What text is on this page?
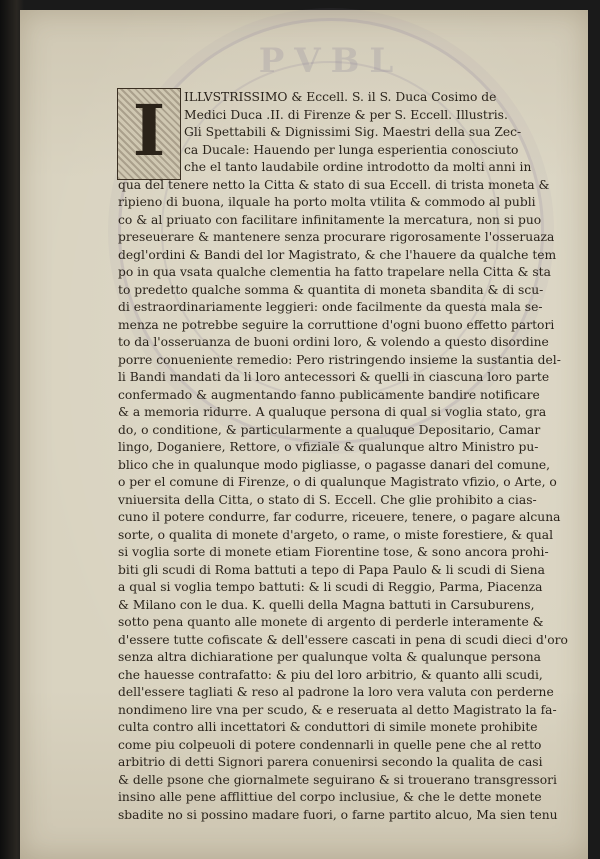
PVBL
I	ILLVSTRISSIMO & Eccell. S. il S. Duca Cosimo de
Medici Duca .II. di Firenze & per S. Eccell. Illustris.
Gli Spettabili & Dignissimi Sig. Maestri della sua Zec-
ca Ducale: Hauendo per lunga esperientia conosciuto
che el tanto laudabile ordine introdotto da molti anni in
qua del tenere netto la Citta & stato di sua Eccell. di trista moneta &
ripieno di buona, ilquale ha porto molta vtilita & commodo al publi
co & al priuato con facilitare infinitamente la mercatura, non si puo
preseuerare & mantenere senza procurare rigorosamente l'osseruaza
degl'ordini & Bandi del lor Magistrato, & che l'hauere da qualche tem
po in qua vsata qualche clementia ha fatto trapelare nella Citta & sta
to predetto qualche somma & quantita di moneta sbandita & di scu-
di estraordinariamente leggieri: onde facilmente da questa mala se-
menza ne potrebbe seguire la corruttione d'ogni buono effetto partori
to da l'osseruanza de buoni ordini loro, & volendo a questo disordine
porre conueniente remedio: Pero ristringendo insieme la sustantia del-
li Bandi mandati da li loro antecessori & quelli in ciascuna loro parte
confermado & augmentando fanno publicamente bandire notificare
& a memoria ridurre. A qualuque persona di qual si voglia stato, gra
do, o conditione, & particularmente a qualuque Depositario, Camar
lingo, Doganiere, Rettore, o vfiziale & qualunque altro Ministro pu-
blico che in qualunque modo pigliasse, o pagasse danari del comune,
o per el comune di Firenze, o di qualunque Magistrato vfizio, o Arte, o
vniuersita della Citta, o stato di S. Eccell. Che glie prohibito a cias-
cuno il potere condurre, far codurre, riceuere, tenere, o pagare alcuna
sorte, o qualita di monete d'argeto, o rame, o miste forestiere, & qual
si voglia sorte di monete etiam Fiorentine tose, & sono ancora prohi-
biti gli scudi di Roma battuti a tepo di Papa Paulo & li scudi di Siena
a qual si voglia tempo battuti: & li scudi di Reggio, Parma, Piacenza
& Milano con le dua. K. quelli della Magna battuti in Carsuburens,
sotto pena quanto alle monete di argento di perderle interamente &
d'essere tutte cofiscate & dell'essere cascati in pena di scudi dieci d'oro
senza altra dichiaratione per qualunque volta & qualunque persona
che hauesse contrafatto: & piu del loro arbitrio, & quanto alli scudi,
dell'essere tagliati & reso al padrone la loro vera valuta con perderne
nondimeno lire vna per scudo, & e reseruata al detto Magistrato la fa-
culta contro alli incettatori & conduttori di simile monete prohibite
come piu colpeuoli di potere condennarli in quelle pene che al retto
arbitrio di detti Signori parera conuenirsi secondo la qualita de casi
& delle psone che giornalmete seguirano & si trouerano transgressori
insino alle pene afflittiue del corpo inclusiue, & che le dette monete
sbadite no si possino madare fuori, o farne partito alcuo, Ma sien tenu
